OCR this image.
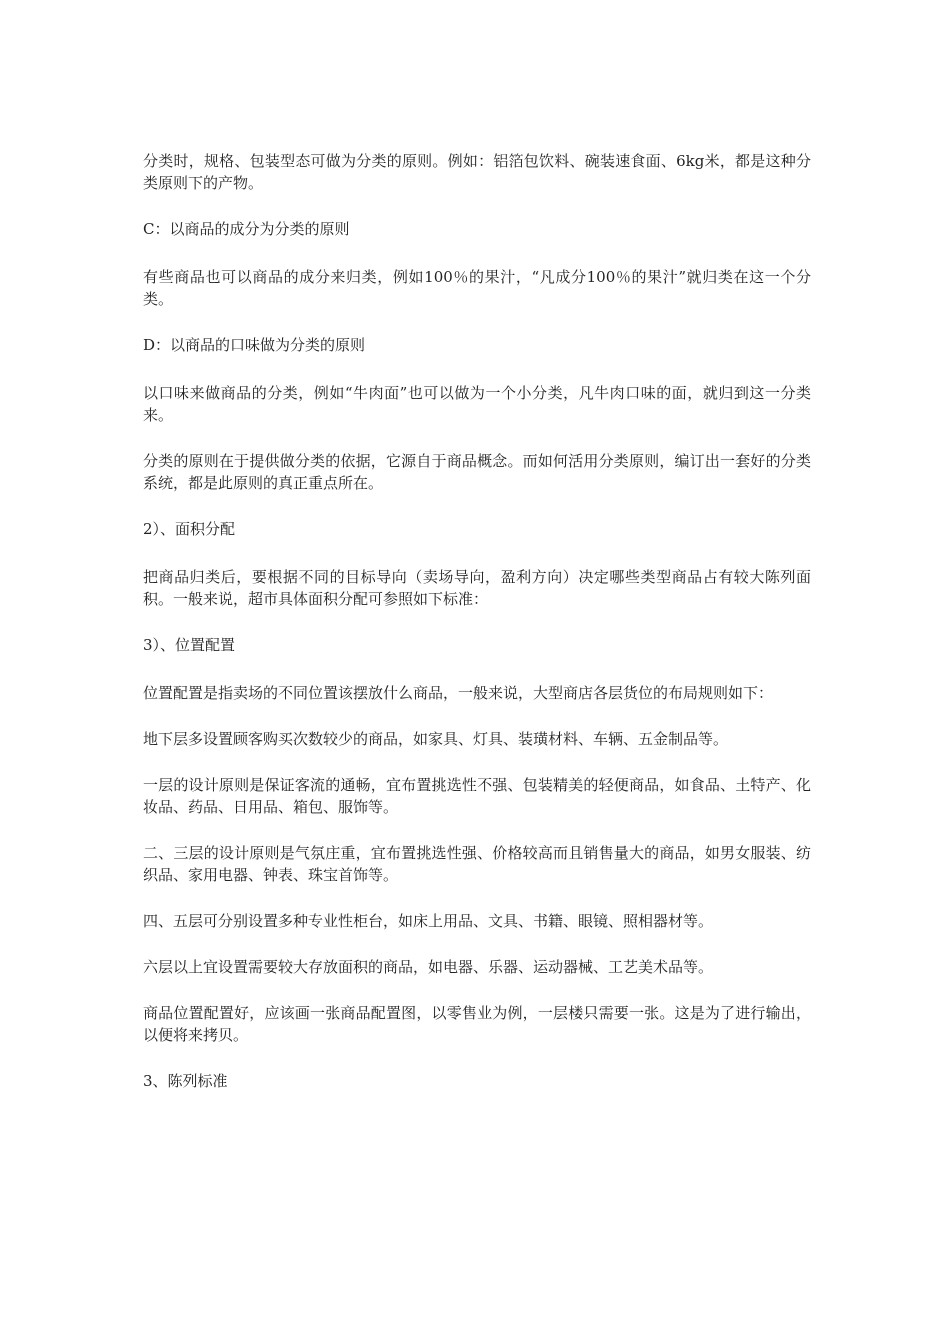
分类时，规格、包装型态可做为分类的原则。例如：铝箔包饮料、碗装速食面、6kg米，都是这种分类原则下的产物。

C：以商品的成分为分类的原则

有些商品也可以商品的成分来归类，例如100％的果汁，“凡成分100％的果汁”就归类在这一个分类。

D：以商品的口味做为分类的原则

以口味来做商品的分类，例如“牛肉面”也可以做为一个小分类，凡牛肉口味的面，就归到这一分类来。

分类的原则在于提供做分类的依据，它源自于商品概念。而如何活用分类原则，编订出一套好的分类系统，都是此原则的真正重点所在。

2）、面积分配

把商品归类后，要根据不同的目标导向（卖场导向，盈利方向）决定哪些类型商品占有较大陈列面积。一般来说，超市具体面积分配可参照如下标准：

3）、位置配置

位置配置是指卖场的不同位置该摆放什么商品，一般来说，大型商店各层货位的布局规则如下：

地下层多设置顾客购买次数较少的商品，如家具、灯具、装璜材料、车辆、五金制品等。

一层的设计原则是保证客流的通畅，宜布置挑选性不强、包装精美的轻便商品，如食品、土特产、化妆品、药品、日用品、箱包、服饰等。

二、三层的设计原则是气氛庄重，宜布置挑选性强、价格较高而且销售量大的商品，如男女服装、纺织品、家用电器、钟表、珠宝首饰等。

四、五层可分别设置多种专业性柜台，如床上用品、文具、书籍、眼镜、照相器材等。

六层以上宜设置需要较大存放面积的商品，如电器、乐器、运动器械、工艺美术品等。

商品位置配置好，应该画一张商品配置图，以零售业为例，一层楼只需要一张。这是为了进行输出，以便将来拷贝。

3、陈列标准
